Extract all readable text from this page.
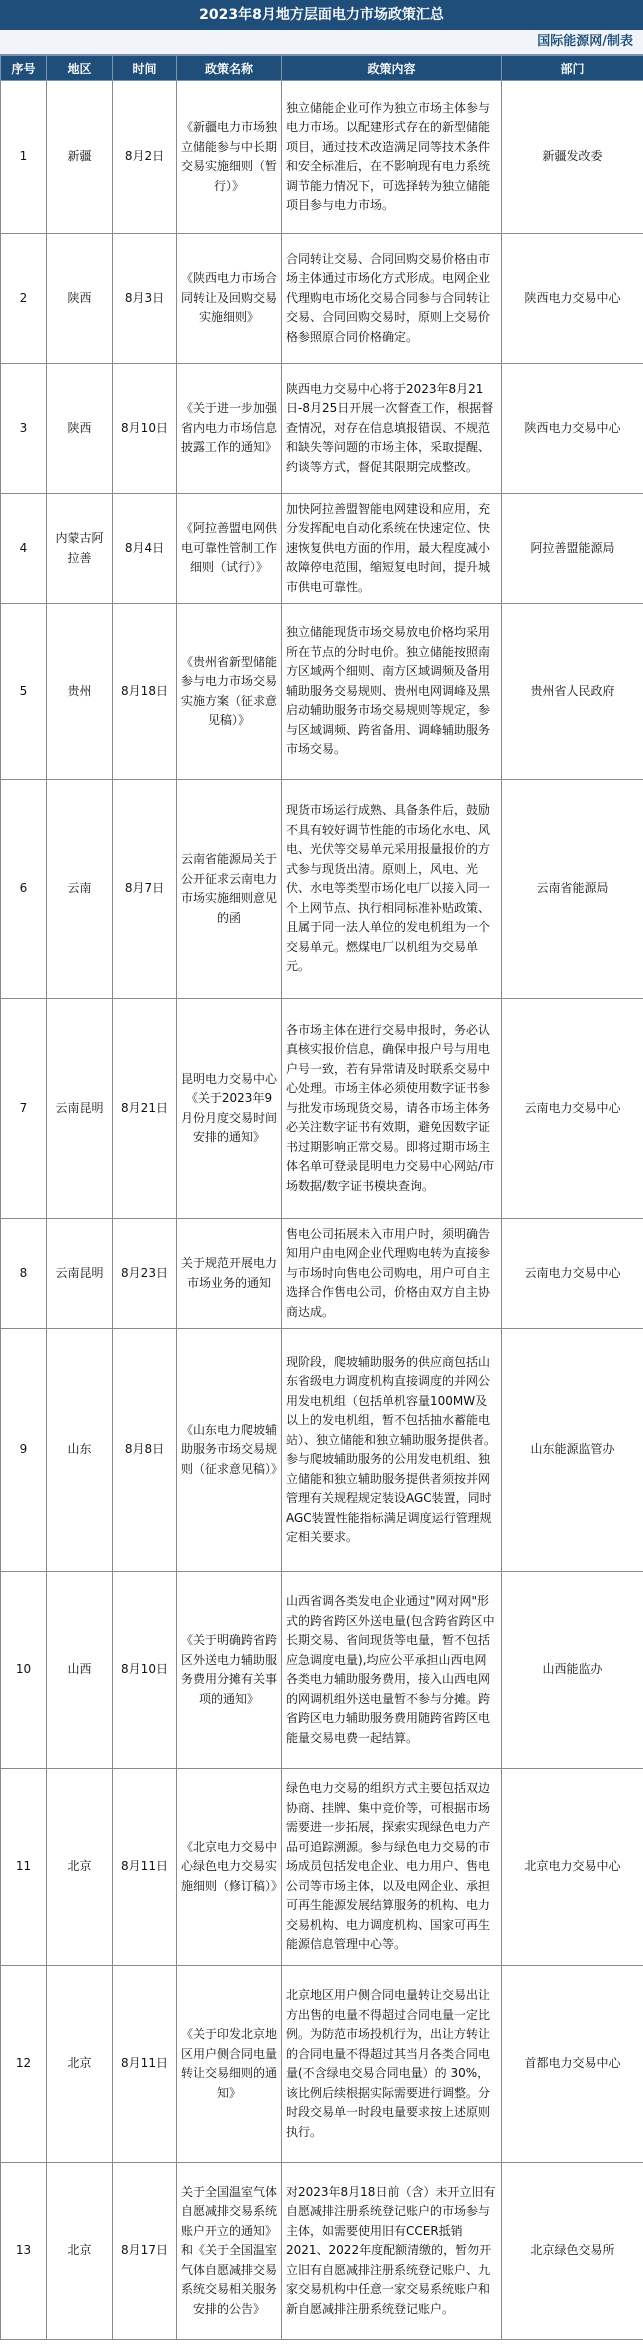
2023年8月地方层面电力市场政策汇总
国际能源网/制表
序号	地区	时间	政策名称	政策内容	部门
1	新疆	8月2日	《新疆电力市场独立储能参与中长期交易实施细则（暂行）》	独立储能企业可作为独立市场主体参与电力市场。以配建形式存在的新型储能项目，通过技术改造满足同等技术条件和安全标准后，在不影响现有电力系统调节能力情况下，可选择转为独立储能项目参与电力市场。	新疆发改委
2	陕西	8月3日	《陕西电力市场合同转让及回购交易实施细则》	合同转让交易、合同回购交易价格由市场主体通过市场化方式形成。电网企业代理购电市场化交易合同参与合同转让交易、合同回购交易时，原则上交易价格参照原合同价格确定。	陕西电力交易中心
3	陕西	8月10日	《关于进一步加强省内电力市场信息披露工作的通知》	陕西电力交易中心将于2023年8月21日-8月25日开展一次督查工作，根据督查情况，对存在信息填报错误、不规范和缺失等问题的市场主体，采取提醒、约谈等方式，督促其限期完成整改。	陕西电力交易中心
4	内蒙古阿拉善	8月4日	《阿拉善盟电网供电可靠性管制工作细则（试行）》	加快阿拉善盟智能电网建设和应用，充分发挥配电自动化系统在快速定位、快速恢复供电方面的作用，最大程度减小故障停电范围，缩短复电时间，提升城市供电可靠性。	阿拉善盟能源局
5	贵州	8月18日	《贵州省新型储能参与电力市场交易实施方案（征求意见稿）》	独立储能现货市场交易放电价格均采用所在节点的分时电价。独立储能按照南方区域两个细则、南方区域调频及备用辅助服务交易规则、贵州电网调峰及黑启动辅助服务市场交易规则等规定，参与区域调频、跨省备用、调峰辅助服务市场交易。	贵州省人民政府
6	云南	8月7日	云南省能源局关于公开征求云南电力市场实施细则意见的函	现货市场运行成熟、具备条件后，鼓励不具有较好调节性能的市场化水电、风电、光伏等交易单元采用报量报价的方式参与现货出清。原则上，风电、光伏、水电等类型市场化电厂以接入同一个上网节点、执行相同标准补贴政策、且属于同一法人单位的发电机组为一个交易单元。燃煤电厂以机组为交易单元。	云南省能源局
7	云南昆明	8月21日	昆明电力交易中心《关于2023年9月份月度交易时间安排的通知》	各市场主体在进行交易申报时，务必认真核实报价信息，确保申报户号与用电户号一致，若有异常请及时联系交易中心处理。市场主体必须使用数字证书参与批发市场现货交易，请各市场主体务必关注数字证书有效期，避免因数字证书过期影响正常交易。即将过期市场主体名单可登录昆明电力交易中心网站/市场数据/数字证书模块查询。	云南电力交易中心
8	云南昆明	8月23日	关于规范开展电力市场业务的通知	售电公司拓展未入市用户时，须明确告知用户由电网企业代理购电转为直接参与市场时向售电公司购电，用户可自主选择合作售电公司，价格由双方自主协商达成。	云南电力交易中心
9	山东	8月8日	《山东电力爬坡辅助服务市场交易规则（征求意见稿）》	现阶段，爬坡辅助服务的供应商包括山东省级电力调度机构直接调度的并网公用发电机组（包括单机容量100MW及以上的发电机组，暂不包括抽水蓄能电站）、独立储能和独立辅助服务提供者。参与爬坡辅助服务的公用发电机组、独立储能和独立辅助服务提供者须按并网管理有关规程规定装设AGC装置，同时AGC装置性能指标满足调度运行管理规定相关要求。	山东能源监管办
10	山西	8月10日	《关于明确跨省跨区外送电力辅助服务费用分摊有关事项的通知》	山西省调各类发电企业通过"网对网"形式的跨省跨区外送电量(包含跨省跨区中长期交易、省间现货等电量，暂不包括应急调度电量),均应公平承担山西电网各类电力辅助服务费用，接入山西电网的网调机组外送电量暂不参与分摊。跨省跨区电力辅助服务费用随跨省跨区电能量交易电费一起结算。	山西能监办
11	北京	8月11日	《北京电力交易中心绿色电力交易实施细则（修订稿）》	绿色电力交易的组织方式主要包括双边协商、挂牌、集中竞价等，可根据市场需要进一步拓展，探索实现绿色电力产品可追踪溯源。参与绿色电力交易的市场成员包括发电企业、电力用户、售电公司等市场主体，以及电网企业、承担可再生能源发展结算服务的机构、电力交易机构、电力调度机构、国家可再生能源信息管理中心等。	北京电力交易中心
12	北京	8月11日	《关于印发北京地区用户侧合同电量转让交易细则的通知》	北京地区用户侧合同电量转让交易出让方出售的电量不得超过合同电量一定比例。为防范市场投机行为，出让方转让的合同电量不得超过其当月各类合同电量(不含绿电交易合同电量）的 30%，该比例后续根据实际需要进行调整。分时段交易单一时段电量要求按上述原则执行。	首都电力交易中心
13	北京	8月17日	关于全国温室气体自愿减排交易系统账户开立的通知》和《关于全国温室气体自愿减排交易系统交易相关服务安排的公告》	对2023年8月18日前（含）未开立旧有自愿减排注册系统登记账户的市场参与主体，如需要使用旧有CCER抵销2021、2022年度配额清缴的，暂勿开立旧有自愿减排注册系统登记账户、九家交易机构中任意一家交易系统账户和新自愿减排注册系统登记账户。	北京绿色交易所
